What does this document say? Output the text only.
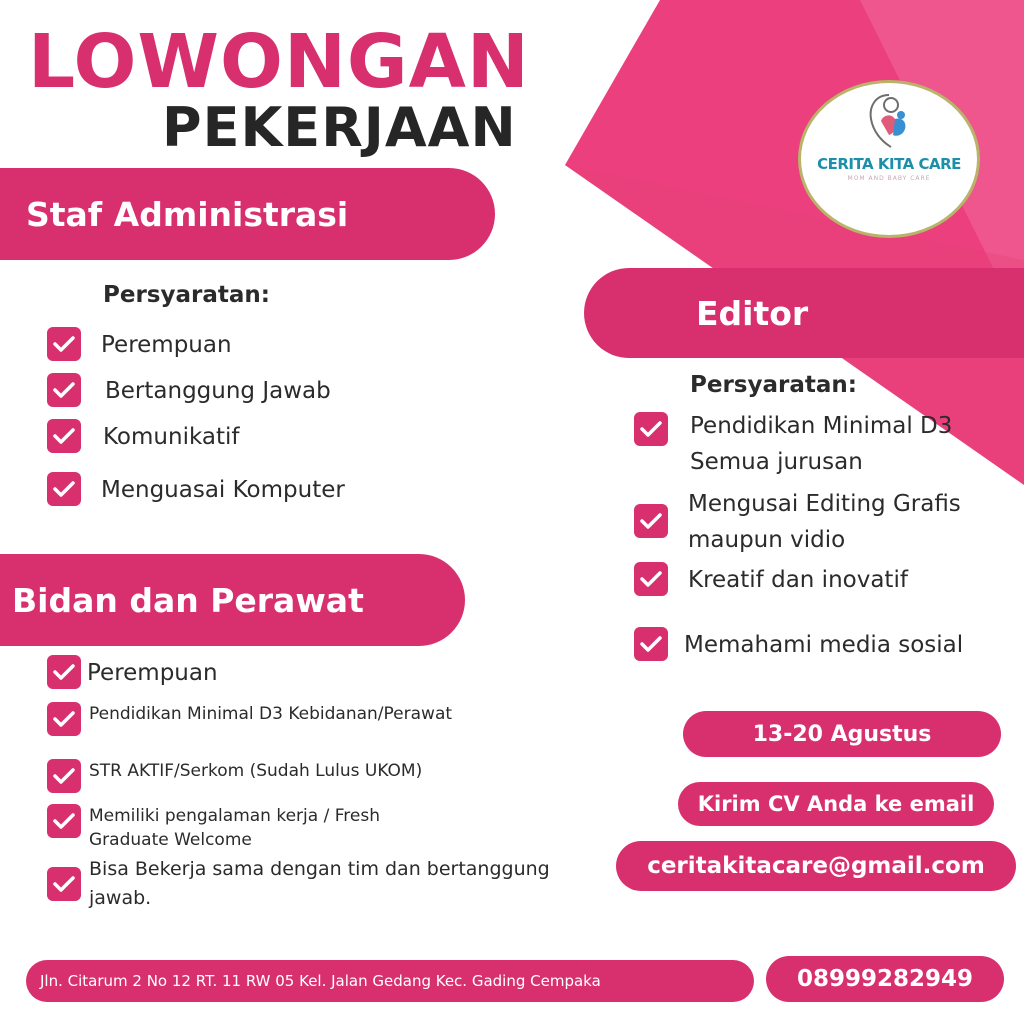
LOWONGAN
PEKERJAAN
CERITA KITA CARE
MOM AND BABY CARE
Staf Administrasi
Persyaratan:
Perempuan
Bertanggung Jawab
Komunikatif
Menguasai Komputer
Bidan dan Perawat
Perempuan
Pendidikan Minimal D3 Kebidanan/Perawat
STR AKTIF/Serkom (Sudah Lulus UKOM)
Memiliki pengalaman kerja / Fresh
Graduate Welcome
Bisa Bekerja sama dengan tim dan bertanggung
jawab.
Editor
Persyaratan:
Pendidikan Minimal D3
Semua jurusan
Mengusai Editing Grafis
maupun vidio
Kreatif dan inovatif
Memahami media sosial
13-20 Agustus
Kirim CV Anda ke email
ceritakitacare@gmail.com
Jln. Citarum 2 No 12 RT. 11 RW 05 Kel. Jalan Gedang Kec. Gading Cempaka	08999282949
